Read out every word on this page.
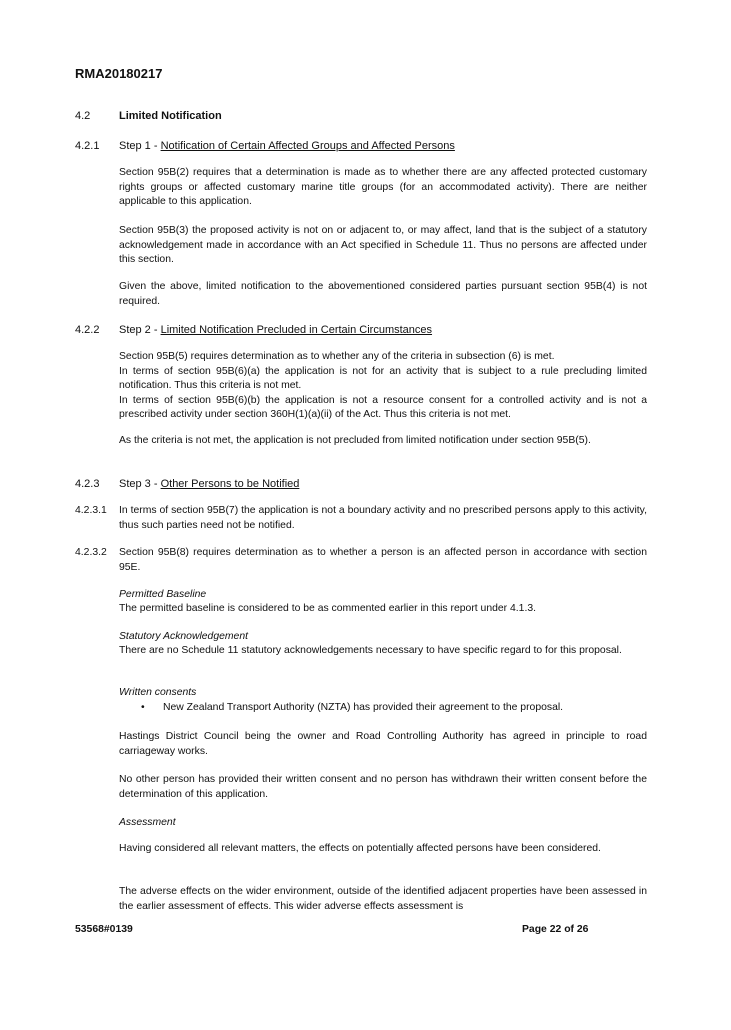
RMA20180217
4.2	Limited Notification
4.2.1 Step 1 - Notification of Certain Affected Groups and Affected Persons

Section 95B(2) requires that a determination is made as to whether there are any affected protected customary rights groups or affected customary marine title groups (for an accommodated activity). There are neither applicable to this application.

Section 95B(3) the proposed activity is not on or adjacent to, or may affect, land that is the subject of a statutory acknowledgement made in accordance with an Act specified in Schedule 11. Thus no persons are affected under this section.

Given the above, limited notification to the abovementioned considered parties pursuant section 95B(4) is not required.

4.2.2 Step 2 - Limited Notification Precluded in Certain Circumstances
Section 95B(5) requires determination as to whether any of the criteria in subsection (6) is met.
In terms of section 95B(6)(a) the application is not for an activity that is subject to a rule precluding limited notification. Thus this criteria is not met.
In terms of section 95B(6)(b) the application is not a resource consent for a controlled activity and is not a prescribed activity under section 360H(1)(a)(ii) of the Act. Thus this criteria is not met.

As the criteria is not met, the application is not precluded from limited notification under section 95B(5).

4.2.3 Step 3 - Other Persons to be Notified
4.2.3.1 In terms of section 95B(7) the application is not a boundary activity and no prescribed persons apply to this activity, thus such parties need not be notified.
4.2.3.2 Section 95B(8) requires determination as to whether a person is an affected person in accordance with section 95E.

Permitted Baseline

The permitted baseline is considered to be as commented earlier in this report under 4.1.3.

Statutory Acknowledgement

There are no Schedule 11 statutory acknowledgements necessary to have specific regard to for this proposal.

Written consents

• New Zealand Transport Authority (NZTA) has provided their agreement to the proposal.

Hastings District Council being the owner and Road Controlling Authority has agreed in principle to road carriageway works.

No other person has provided their written consent and no person has withdrawn their written consent before the determination of this application.

Assessment

Having considered all relevant matters, the effects on potentially affected persons have been considered.

The adverse effects on the wider environment, outside of the identified adjacent properties have been assessed in the earlier assessment of effects. This wider adverse effects assessment is

53568#0139	Page 22 of 26
